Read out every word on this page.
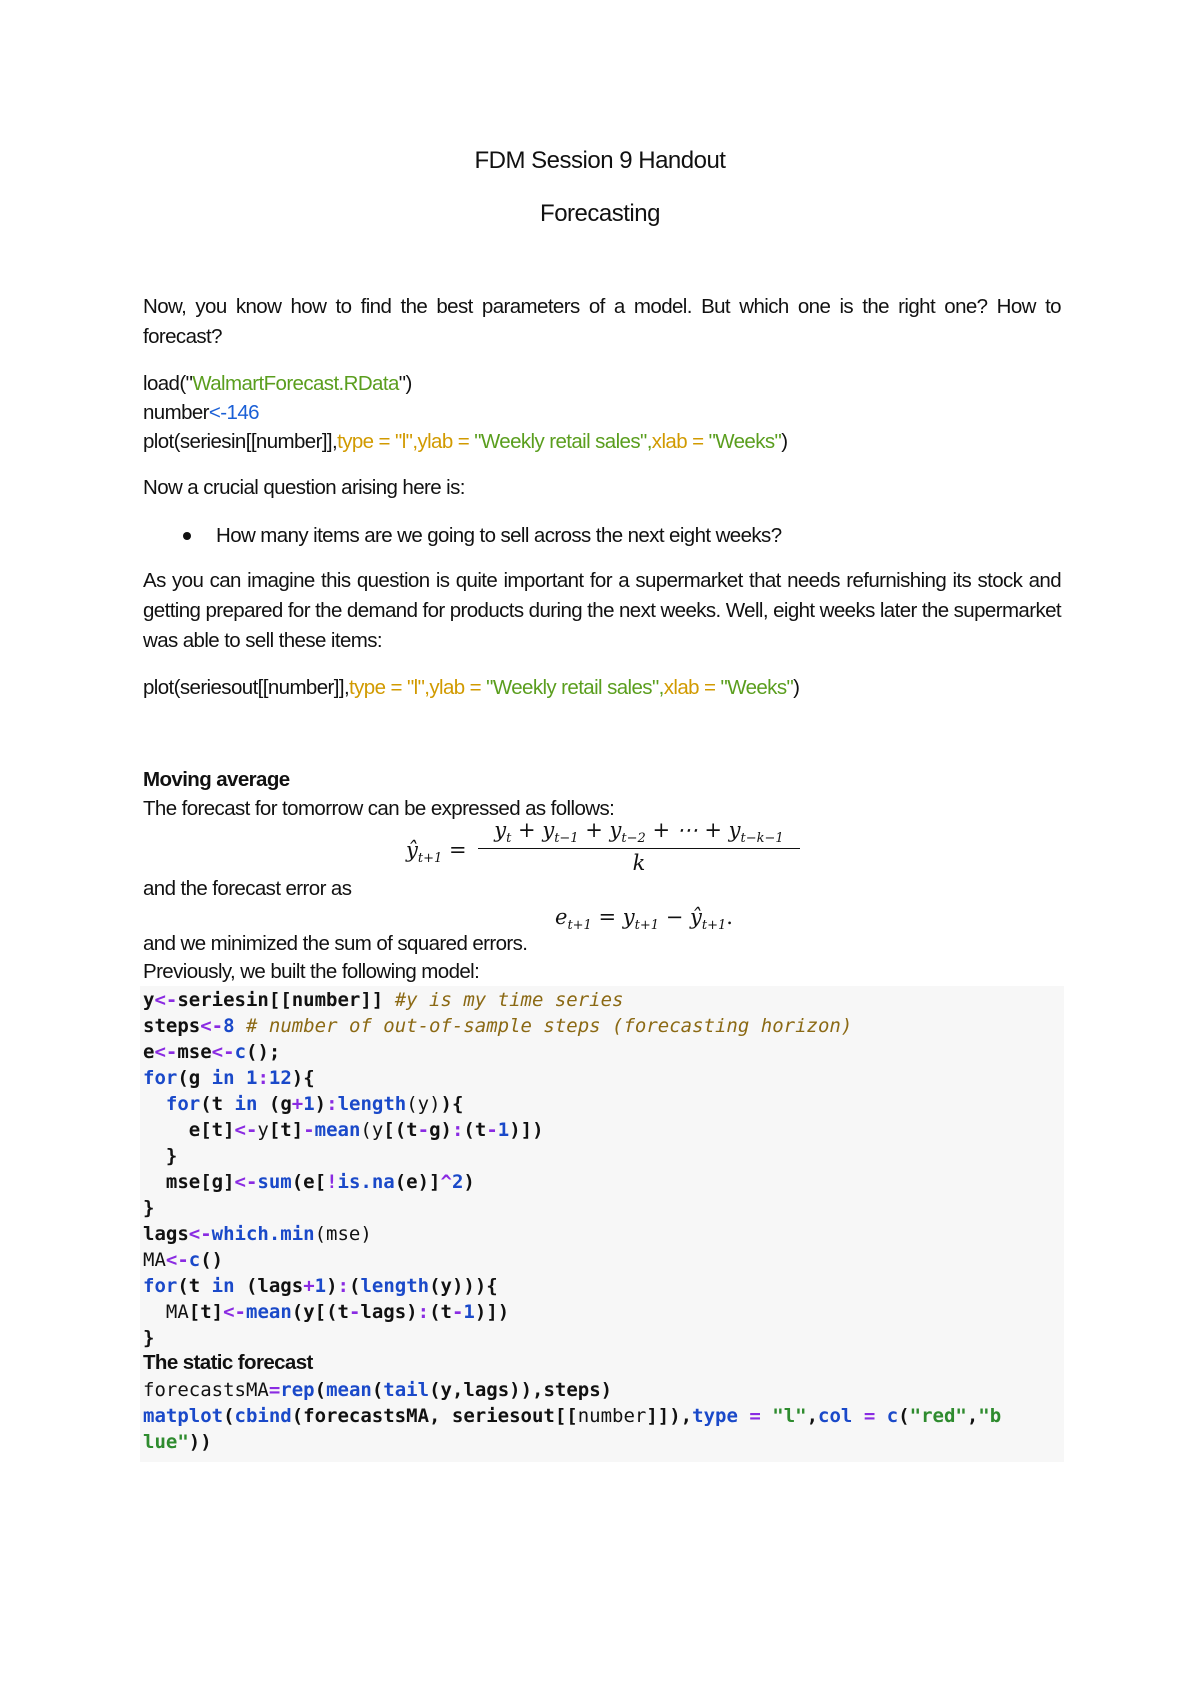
FDM Session 9 Handout
Forecasting

Now, you know how to find the best parameters of a model. But which one is the right one? How to forecast?

load("WalmartForecast.RData")
number<-146
plot(seriesin[[number]],type = "l",ylab = "Weekly retail sales",xlab = "Weeks")
Now a crucial question arising here is:
How many items are we going to sell across the next eight weeks?

As you can imagine this question is quite important for a supermarket that needs refurnishing its stock and getting prepared for the demand for products during the next weeks. Well, eight weeks later the supermarket was able to sell these items:

plot(seriesout[[number]],type = "l",ylab = "Weekly retail sales",xlab = "Weeks")
Moving average
The forecast for tomorrow can be expressed as follows:
$ŷ_{t+1} = \frac{y_t + y_{t-1} + y_{t-2} + \cdots + y_{t-k-1}}{k}$
and the forecast error as
$e_{t+1} = y_{t+1}$ − $ŷ_{t+1}$.
and we minimized the sum of squared errors.
Previously, we built the following model:
y<-seriesin[[number]] #y is my time series
steps<-8 # number of out-of-sample steps (forecasting horizon)
e<-mse<-c();
for(g in 1:12){
for(t in (g+1):length(y)){
e[t]<-y[t]-mean(y[(t-g):(t-1)])
}
mse[g]<-sum(e[!is.na(e)]^2)
}
lags<-which.min(mse)
MA<-c()
for(t in (lags+1):(length(y))){
MA[t]<-mean(y[(t-lags):(t-1)])
}
The static forecast
forecastsMA=rep(mean(tail(y,lags)),steps)
matplot(cbind(forecastsMA, seriesout[[number]]),type = "l",col = c("red","b
lue"))
